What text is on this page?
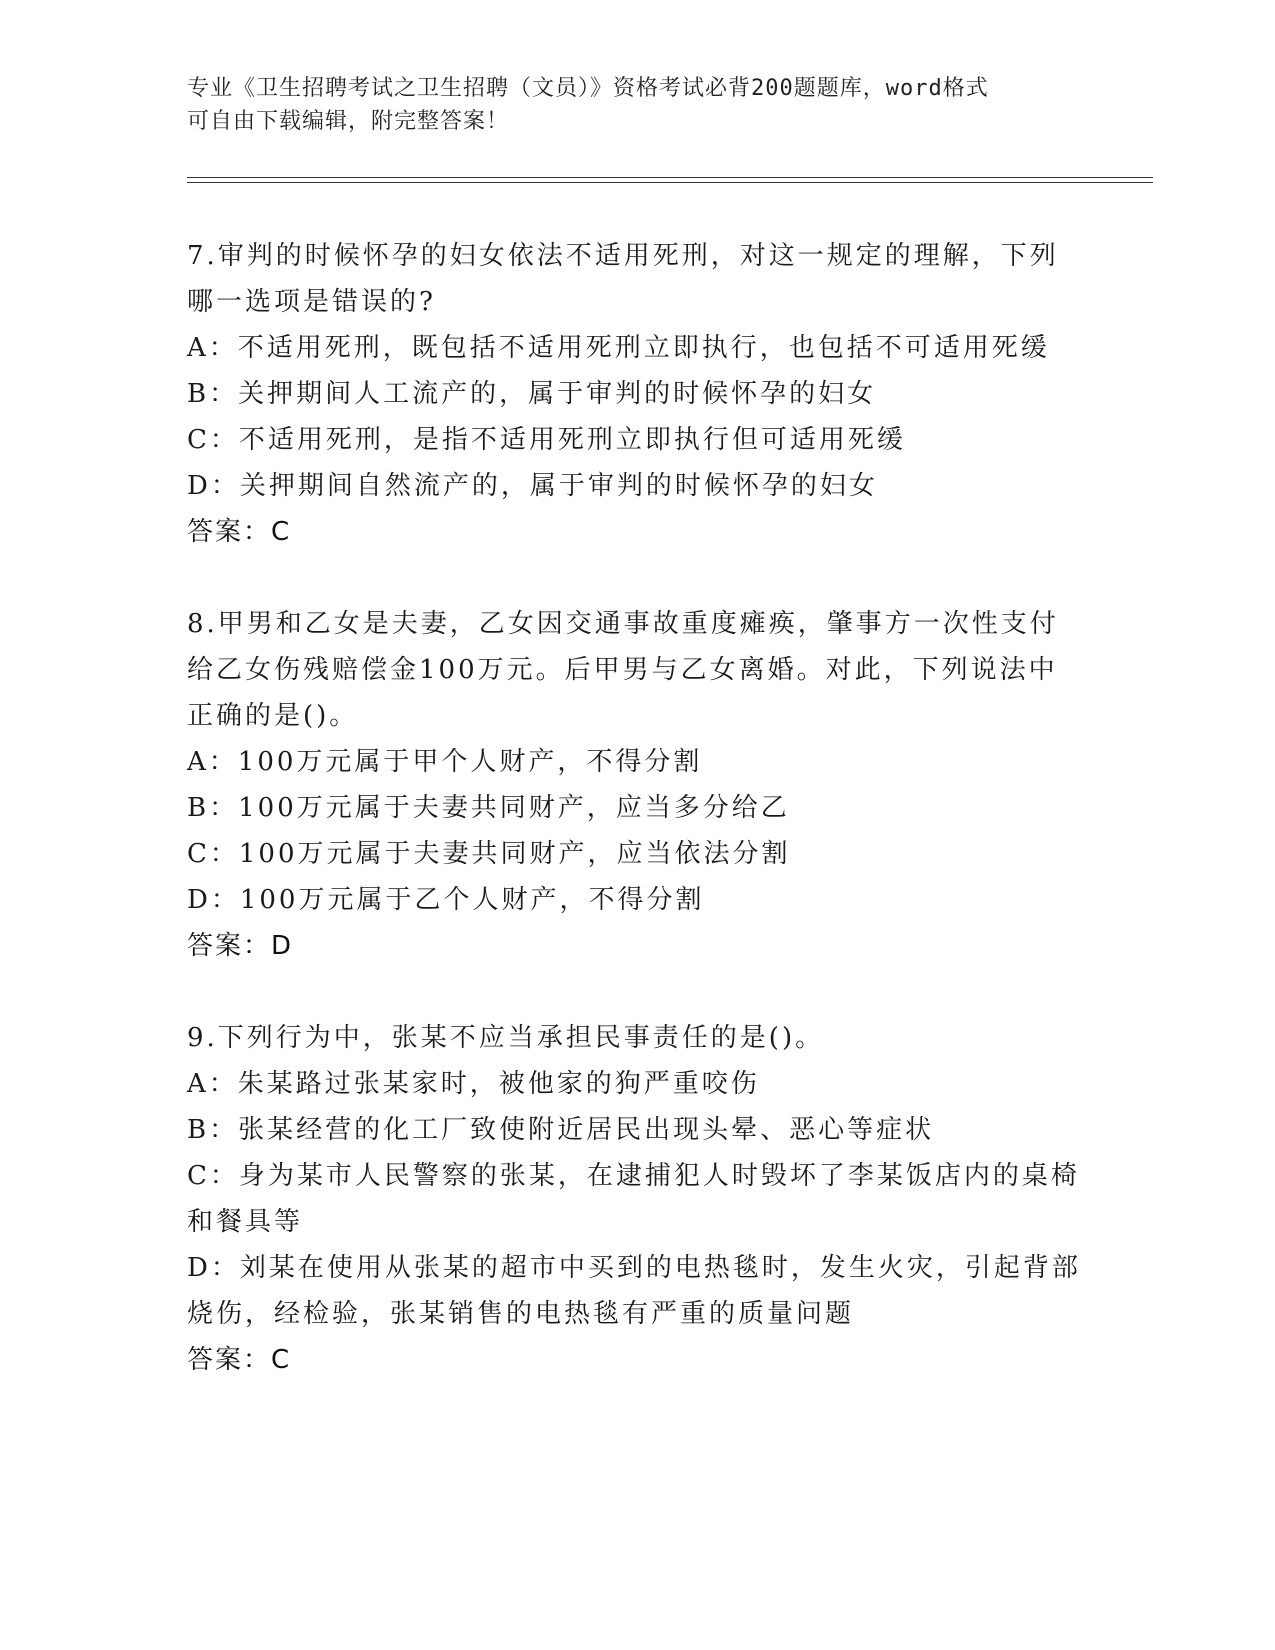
专业《卫生招聘考试之卫生招聘（文员）》资格考试必背200题题库，word格式
可自由下载编辑，附完整答案！
7.审判的时候怀孕的妇女依法不适用死刑，对这一规定的理解，下列
哪一选项是错误的?
A：不适用死刑，既包括不适用死刑立即执行，也包括不可适用死缓
B：关押期间人工流产的，属于审判的时候怀孕的妇女
C：不适用死刑，是指不适用死刑立即执行但可适用死缓
D：关押期间自然流产的，属于审判的时候怀孕的妇女
答案：C
8.甲男和乙女是夫妻，乙女因交通事故重度瘫痪，肇事方一次性支付
给乙女伤残赔偿金100万元。后甲男与乙女离婚。对此，下列说法中
正确的是()。
A：100万元属于甲个人财产，不得分割
B：100万元属于夫妻共同财产，应当多分给乙
C：100万元属于夫妻共同财产，应当依法分割
D：100万元属于乙个人财产，不得分割
答案：D
9.下列行为中，张某不应当承担民事责任的是()。
A：朱某路过张某家时，被他家的狗严重咬伤
B：张某经营的化工厂致使附近居民出现头晕、恶心等症状
C：身为某市人民警察的张某，在逮捕犯人时毁坏了李某饭店内的桌椅
和餐具等
D：刘某在使用从张某的超市中买到的电热毯时，发生火灾，引起背部
烧伤，经检验，张某销售的电热毯有严重的质量问题
答案：C
